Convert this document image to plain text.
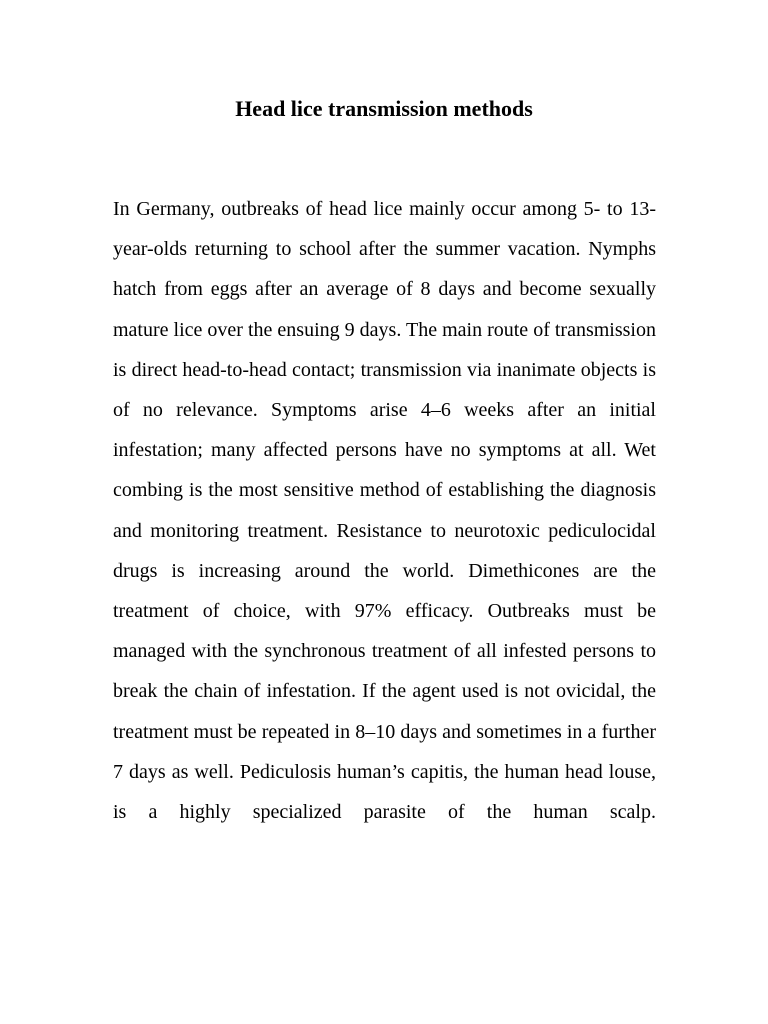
Head lice transmission methods

In Germany, outbreaks of head lice mainly occur among 5- to 13-year-olds returning to school after the summer vacation. Nymphs hatch from eggs after an average of 8 days and become sexually mature lice over the ensuing 9 days. The main route of transmission is direct head-to-head contact; transmission via inanimate objects is of no relevance. Symptoms arise 4–6 weeks after an initial infestation; many affected persons have no symptoms at all. Wet combing is the most sensitive method of establishing the diagnosis and monitoring treatment. Resistance to neurotoxic pediculocidal drugs is increasing around the world. Dimethicones are the treatment of choice, with 97% efficacy. Outbreaks must be managed with the synchronous treatment of all infested persons to break the chain of infestation. If the agent used is not ovicidal, the treatment must be repeated in 8–10 days and sometimes in a further 7 days as well. Pediculosis human’s capitis, the human head louse, is a highly specialized parasite of the human scalp.
